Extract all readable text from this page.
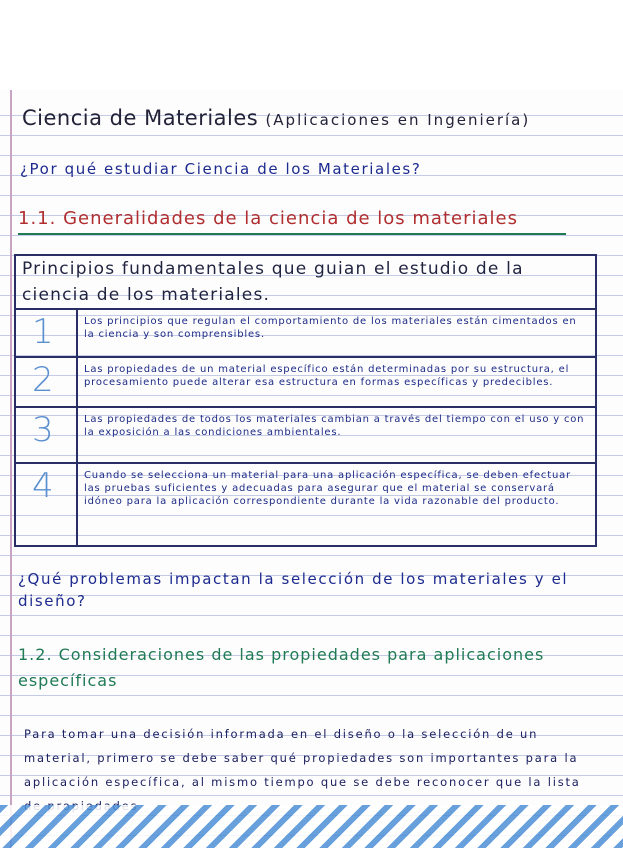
Ciencia de Materiales (Aplicaciones en Ingeniería)

¿Por qué estudiar Ciencia de los Materiales?

1.1. Generalidades de la ciencia de los materiales

Principios fundamentales que guian el estudio de la ciencia de los materiales.

1	Los principios que regulan el comportamiento de los materiales están cimentados en la ciencia y son comprensibles.

2	Las propiedades de un material específico están determinadas por su estructura, el procesamiento puede alterar esa estructura en formas específicas y predecibles.

3	Las propiedades de todos los materiales cambian a través del tiempo con el uso y con la exposición a las condiciones ambientales.

4	Cuando se selecciona un material para una aplicación específica, se deben efectuar las pruebas suficientes y adecuadas para asegurar que el material se conservará idóneo para la aplicación correspondiente durante la vida razonable del producto.

¿Qué problemas impactan la selección de los materiales y el diseño?

1.2. Consideraciones de las propiedades para aplicaciones específicas

Para tomar una decisión informada en el diseño o la selección de un material, primero se debe saber qué propiedades son importantes para la aplicación específica, al mismo tiempo que se debe reconocer que la lista
